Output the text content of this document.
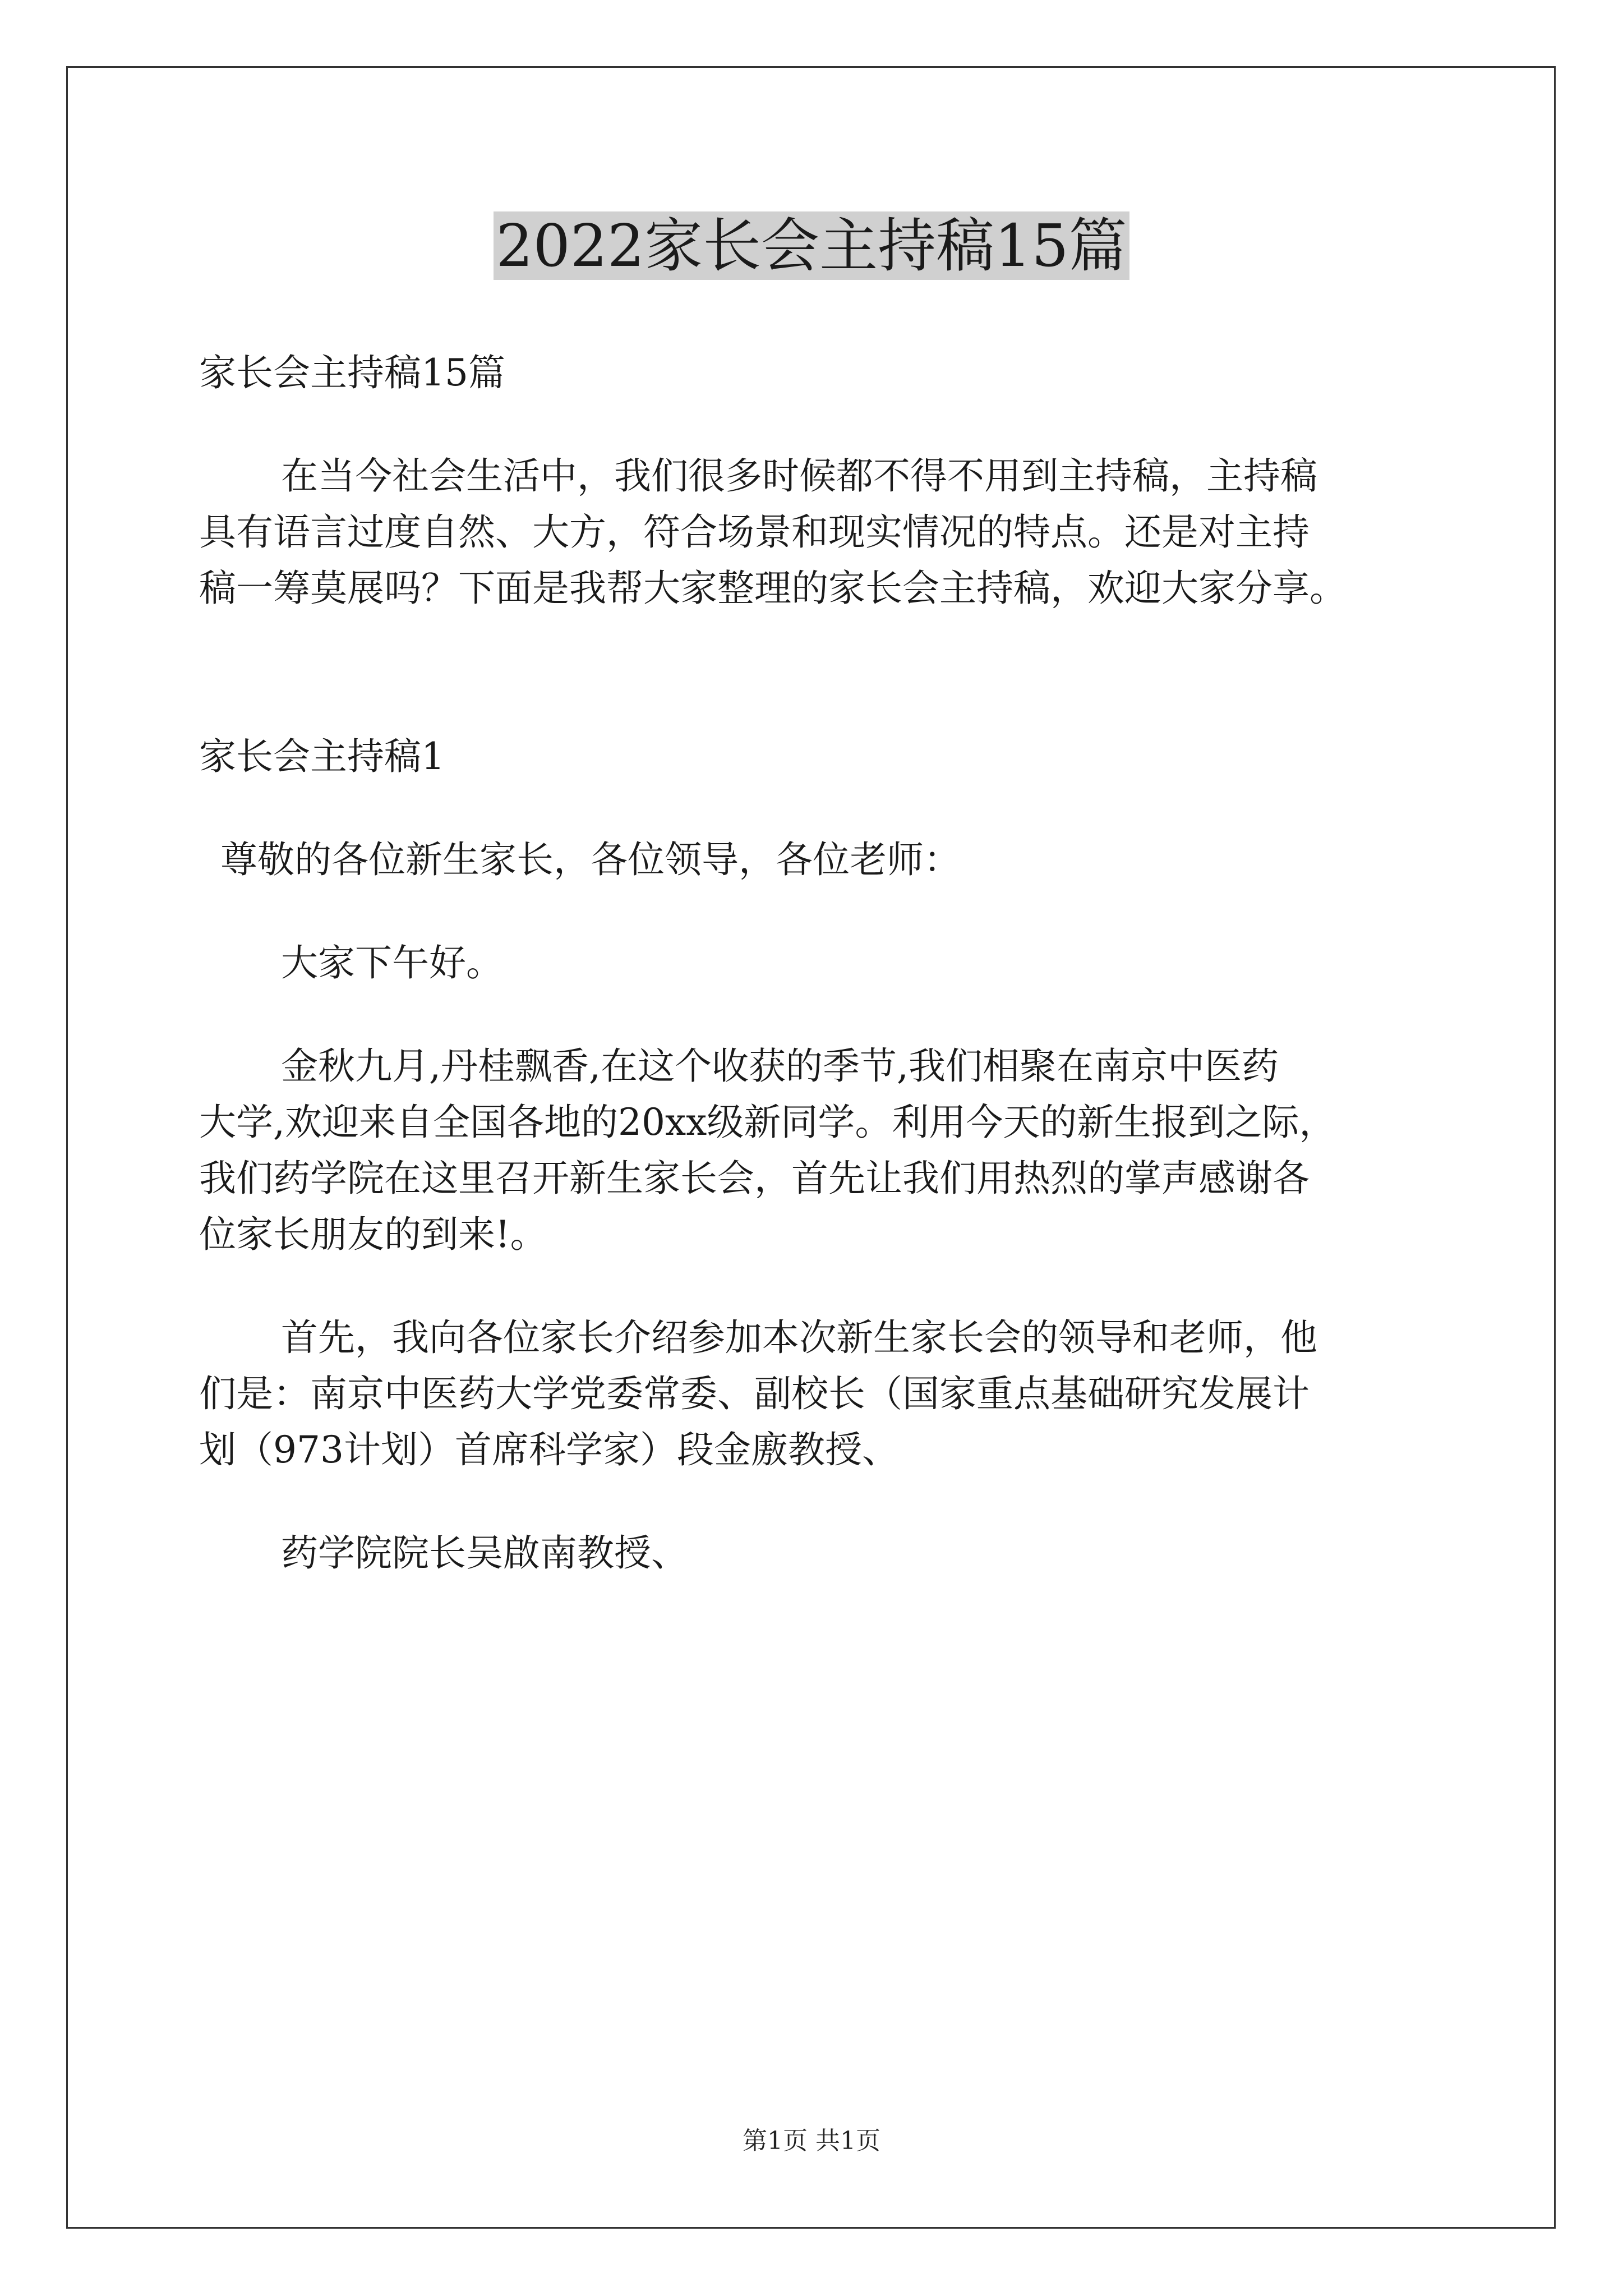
2022家长会主持稿15篇

家长会主持稿15篇

在当今社会生活中，我们很多时候都不得不用到主持稿，主持稿

具有语言过度自然、大方，符合场景和现实情况的特点。还是对主持

稿一筹莫展吗？下面是我帮大家整理的家长会主持稿，欢迎大家分享。

家长会主持稿1

尊敬的各位新生家长，各位领导，各位老师：

大家下午好。

金秋九月,丹桂飘香,在这个收获的季节,我们相聚在南京中医药

大学,欢迎来自全国各地的20xx级新同学。利用今天的新生报到之际，

我们药学院在这里召开新生家长会，首先让我们用热烈的掌声感谢各

位家长朋友的到来!。

首先，我向各位家长介绍参加本次新生家长会的领导和老师，他

们是：南京中医药大学党委常委、副校长（国家重点基础研究发展计

划（973计划）首席科学家）段金廒教授、

药学院院长吴啟南教授、

第1页 共1页
